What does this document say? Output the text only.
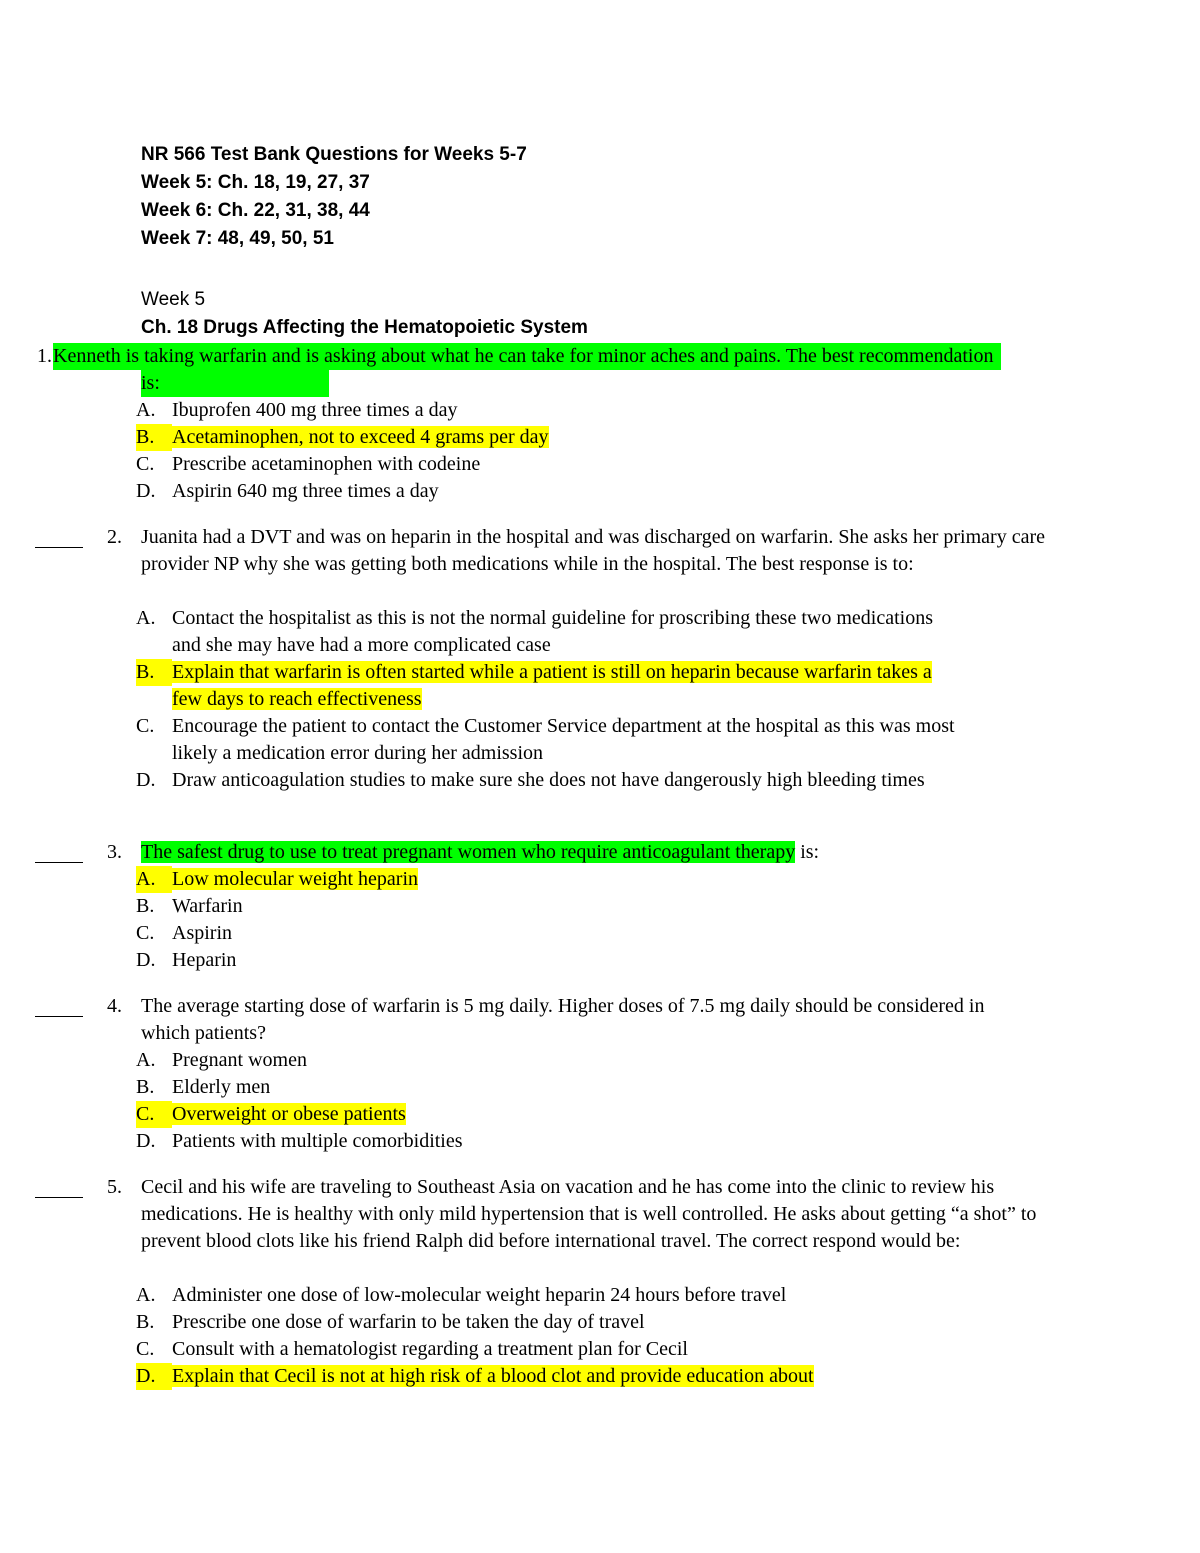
NR 566 Test Bank Questions for Weeks 5-7
Week 5: Ch. 18, 19, 27, 37
Week 6: Ch. 22, 31, 38, 44
Week 7: 48, 49, 50, 51
Week 5
Ch. 18 Drugs Affecting the Hematopoietic System
1. Kenneth is taking warfarin and is asking about what he can take for minor aches and pains. The best recommendation is:
A. Ibuprofen 400 mg three times a day
B. Acetaminophen, not to exceed 4 grams per day
C. Prescribe acetaminophen with codeine
D. Aspirin 640 mg three times a day
2. Juanita had a DVT and was on heparin in the hospital and was discharged on warfarin. She asks her primary care provider NP why she was getting both medications while in the hospital. The best response is to:
A. Contact the hospitalist as this is not the normal guideline for proscribing these two medications and she may have had a more complicated case
B. Explain that warfarin is often started while a patient is still on heparin because warfarin takes a few days to reach effectiveness
C. Encourage the patient to contact the Customer Service department at the hospital as this was most likely a medication error during her admission
D. Draw anticoagulation studies to make sure she does not have dangerously high bleeding times
3. The safest drug to use to treat pregnant women who require anticoagulant therapy is:
A. Low molecular weight heparin
B. Warfarin
C. Aspirin
D. Heparin
4. The average starting dose of warfarin is 5 mg daily. Higher doses of 7.5 mg daily should be considered in which patients?
A. Pregnant women
B. Elderly men
C. Overweight or obese patients
D. Patients with multiple comorbidities
5. Cecil and his wife are traveling to Southeast Asia on vacation and he has come into the clinic to review his medications. He is healthy with only mild hypertension that is well controlled. He asks about getting “a shot” to prevent blood clots like his friend Ralph did before international travel. The correct respond would be:
A. Administer one dose of low-molecular weight heparin 24 hours before travel
B. Prescribe one dose of warfarin to be taken the day of travel
C. Consult with a hematologist regarding a treatment plan for Cecil
D. Explain that Cecil is not at high risk of a blood clot and provide education about
